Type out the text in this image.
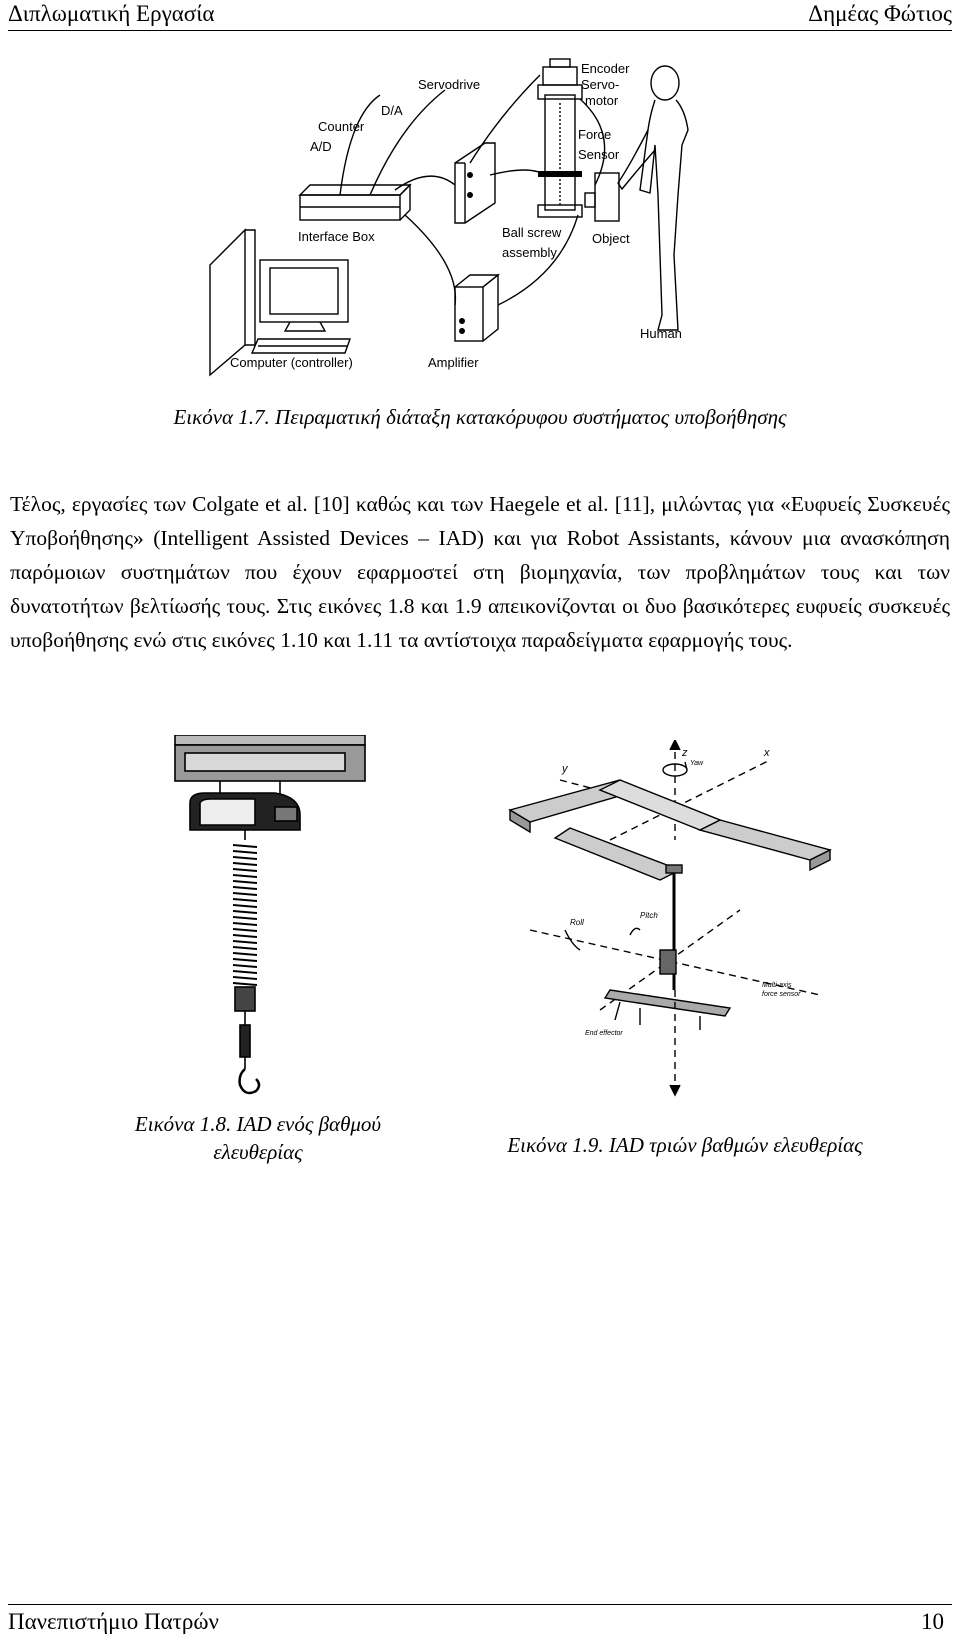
Διπλωματική Εργασία	Δημέας Φώτιος
Encoder
Servo-
motor
Servodrive
D/A
Counter
A/D
Force
Sensor
Interface Box	Ball screw
assembly
Object
Computer (controller)	Amplifier
Human
Εικόνα 1.7. Πειραματική διάταξη κατακόρυφου συστήματος υποβοήθησης
Τέλος, εργασίες των Colgate et al. [10] καθώς και των Haegele et al. [11], μιλώντας για «Ευφυείς Συσκευές Υποβοήθησης» (Intelligent Assisted Devices – IAD) και για Robot Assistants, κάνουν μια ανασκόπηση παρόμοιων συστημάτων που έχουν εφαρμοστεί στη βιομηχανία, των προβλημάτων τους και των δυνατοτήτων βελτίωσής τους. Στις εικόνες 1.8 και 1.9 απεικονίζονται οι δυο βασικότερες ευφυείς συσκευές υποβοήθησης ενώ στις εικόνες 1.10 και 1.11 τα αντίστοιχα παραδείγματα εφαρμογής τους.
z	x
y	Yaw
Roll
Pitch
Multi-axis
force sensor
End effector
Εικόνα 1.8. IAD ενός βαθμού ελευθερίας	Εικόνα 1.9. IAD τριών βαθμών ελευθερίας
Πανεπιστήμιο Πατρών	10
